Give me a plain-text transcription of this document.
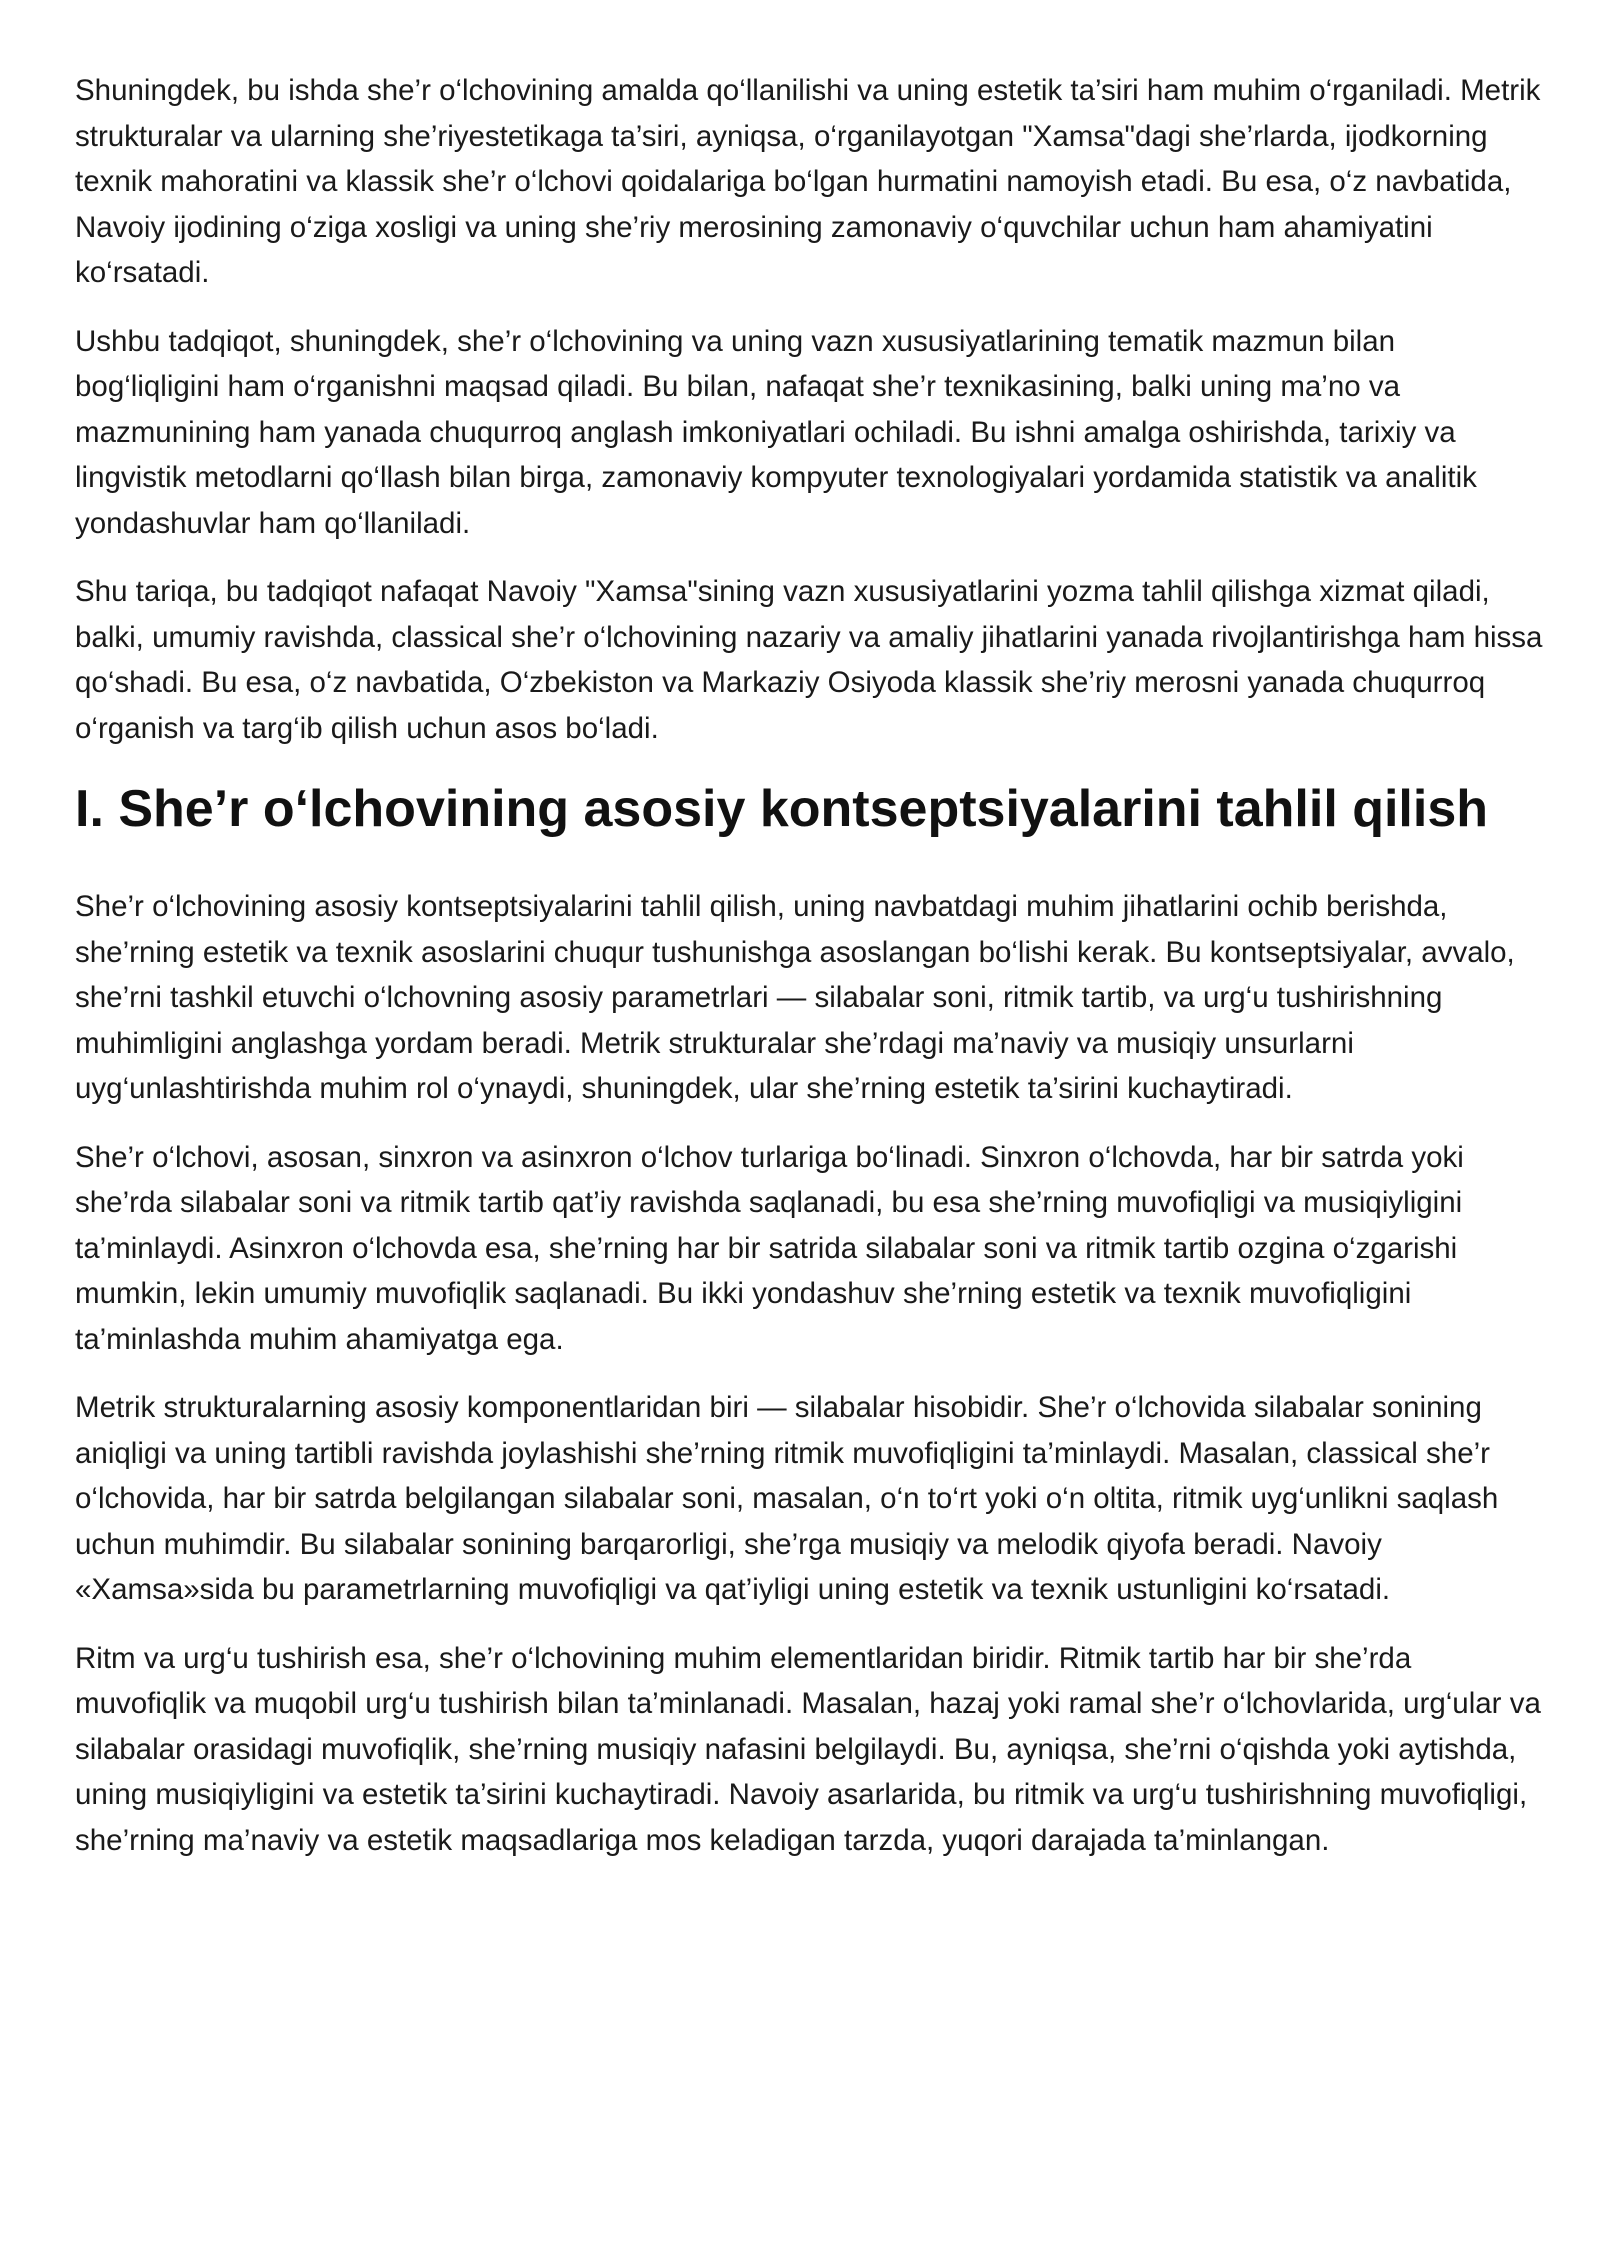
Shuningdek, bu ishda she’r o‘lchovining amalda qo‘llanilishi va uning estetik ta’siri ham muhim o‘rganiladi. Metrik strukturalar va ularning she’riyestetikaga ta’siri, ayniqsa, o‘rganilayotgan "Xamsa"dagi she’rlarda, ijodkorning texnik mahoratini va klassik she’r o‘lchovi qoidalariga bo‘lgan hurmatini namoyish etadi. Bu esa, o‘z navbatida, Navoiy ijodining o‘ziga xosligi va uning she’riy merosining zamonaviy o‘quvchilar uchun ham ahamiyatini ko‘rsatadi.

Ushbu tadqiqot, shuningdek, she’r o‘lchovining va uning vazn xususiyatlarining tematik mazmun bilan bog‘liqligini ham o‘rganishni maqsad qiladi. Bu bilan, nafaqat she’r texnikasining, balki uning ma’no va mazmunining ham yanada chuqurroq anglash imkoniyatlari ochiladi. Bu ishni amalga oshirishda, tarixiy va lingvistik metodlarni qo‘llash bilan birga, zamonaviy kompyuter texnologiyalari yordamida statistik va analitik yondashuvlar ham qo‘llaniladi.

Shu tariqa, bu tadqiqot nafaqat Navoiy "Xamsa"sining vazn xususiyatlarini yozma tahlil qilishga xizmat qiladi, balki, umumiy ravishda, classical she’r o‘lchovining nazariy va amaliy jihatlarini yanada rivojlantirishga ham hissa qo‘shadi. Bu esa, o‘z navbatida, O‘zbekiston va Markaziy Osiyoda klassik she’riy merosni yanada chuqurroq o‘rganish va targ‘ib qilish uchun asos bo‘ladi.

I. She’r o‘lchovining asosiy kontseptsiyalarini tahlil qilish

She’r o‘lchovining asosiy kontseptsiyalarini tahlil qilish, uning navbatdagi muhim jihatlarini ochib berishda, she’rning estetik va texnik asoslarini chuqur tushunishga asoslangan bo‘lishi kerak. Bu kontseptsiyalar, avvalo, she’rni tashkil etuvchi o‘lchovning asosiy parametrlari — silabalar soni, ritmik tartib, va urg‘u tushirishning muhimligini anglashga yordam beradi. Metrik strukturalar she’rdagi ma’naviy va musiqiy unsurlarni uyg‘unlashtirishda muhim rol o‘ynaydi, shuningdek, ular she’rning estetik ta’sirini kuchaytiradi.

She’r o‘lchovi, asosan, sinxron va asinxron o‘lchov turlariga bo‘linadi. Sinxron o‘lchovda, har bir satrda yoki she’rda silabalar soni va ritmik tartib qat’iy ravishda saqlanadi, bu esa she’rning muvofiqligi va musiqiyligini ta’minlaydi. Asinxron o‘lchovda esa, she’rning har bir satrida silabalar soni va ritmik tartib ozgina o‘zgarishi mumkin, lekin umumiy muvofiqlik saqlanadi. Bu ikki yondashuv she’rning estetik va texnik muvofiqligini ta’minlashda muhim ahamiyatga ega.

Metrik strukturalarning asosiy komponentlaridan biri — silabalar hisobidir. She’r o‘lchovida silabalar sonining aniqligi va uning tartibli ravishda joylashishi she’rning ritmik muvofiqligini ta’minlaydi. Masalan, classical she’r o‘lchovida, har bir satrda belgilangan silabalar soni, masalan, o‘n to‘rt yoki o‘n oltita, ritmik uyg‘unlikni saqlash uchun muhimdir. Bu silabalar sonining barqarorligi, she’rga musiqiy va melodik qiyofa beradi. Navoiy «Xamsa»sida bu parametrlarning muvofiqligi va qat’iyligi uning estetik va texnik ustunligini ko‘rsatadi.

Ritm va urg‘u tushirish esa, she’r o‘lchovining muhim elementlaridan biridir. Ritmik tartib har bir she’rda muvofiqlik va muqobil urg‘u tushirish bilan ta’minlanadi. Masalan, hazaj yoki ramal she’r o‘lchovlarida, urg‘ular va silabalar orasidagi muvofiqlik, she’rning musiqiy nafasini belgilaydi. Bu, ayniqsa, she’rni o‘qishda yoki aytishda, uning musiqiyligini va estetik ta’sirini kuchaytiradi. Navoiy asarlarida, bu ritmik va urg‘u tushirishning muvofiqligi, she’rning ma’naviy va estetik maqsadlariga mos keladigan tarzda, yuqori darajada ta’minlangan.
